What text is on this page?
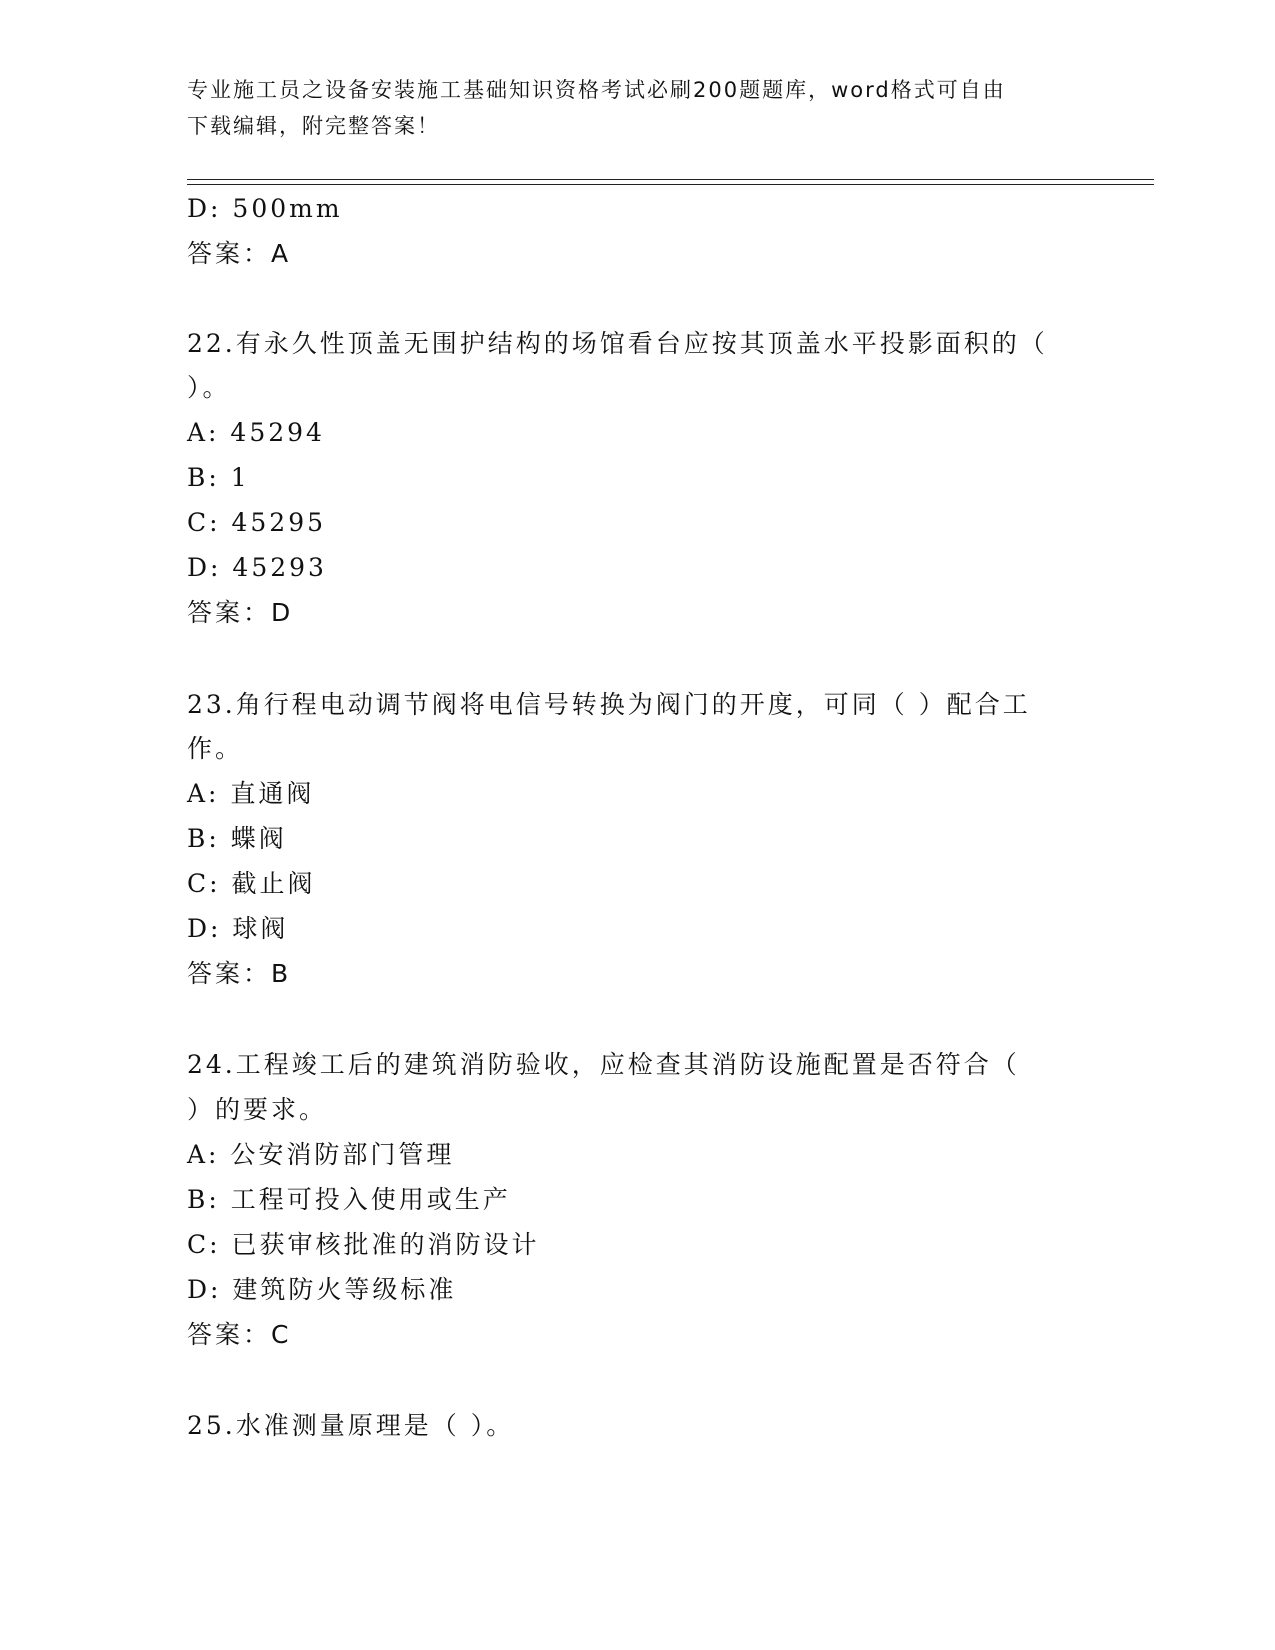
专业施工员之设备安装施工基础知识资格考试必刷200题题库，word格式可自由
下载编辑，附完整答案！
D: 500mm
答案：A
22.有永久性顶盖无围护结构的场馆看台应按其顶盖水平投影面积的（
）。
A: 45294
B: 1
C: 45295
D: 45293
答案：D
23.角行程电动调节阀将电信号转换为阀门的开度，可同（ ）配合工
作。
A: 直通阀
B: 蝶阀
C: 截止阀
D: 球阀
答案：B
24.工程竣工后的建筑消防验收，应检查其消防设施配置是否符合（
）的要求。
A: 公安消防部门管理
B: 工程可投入使用或生产
C: 已获审核批准的消防设计
D: 建筑防火等级标准
答案：C
25.水准测量原理是（ ）。
